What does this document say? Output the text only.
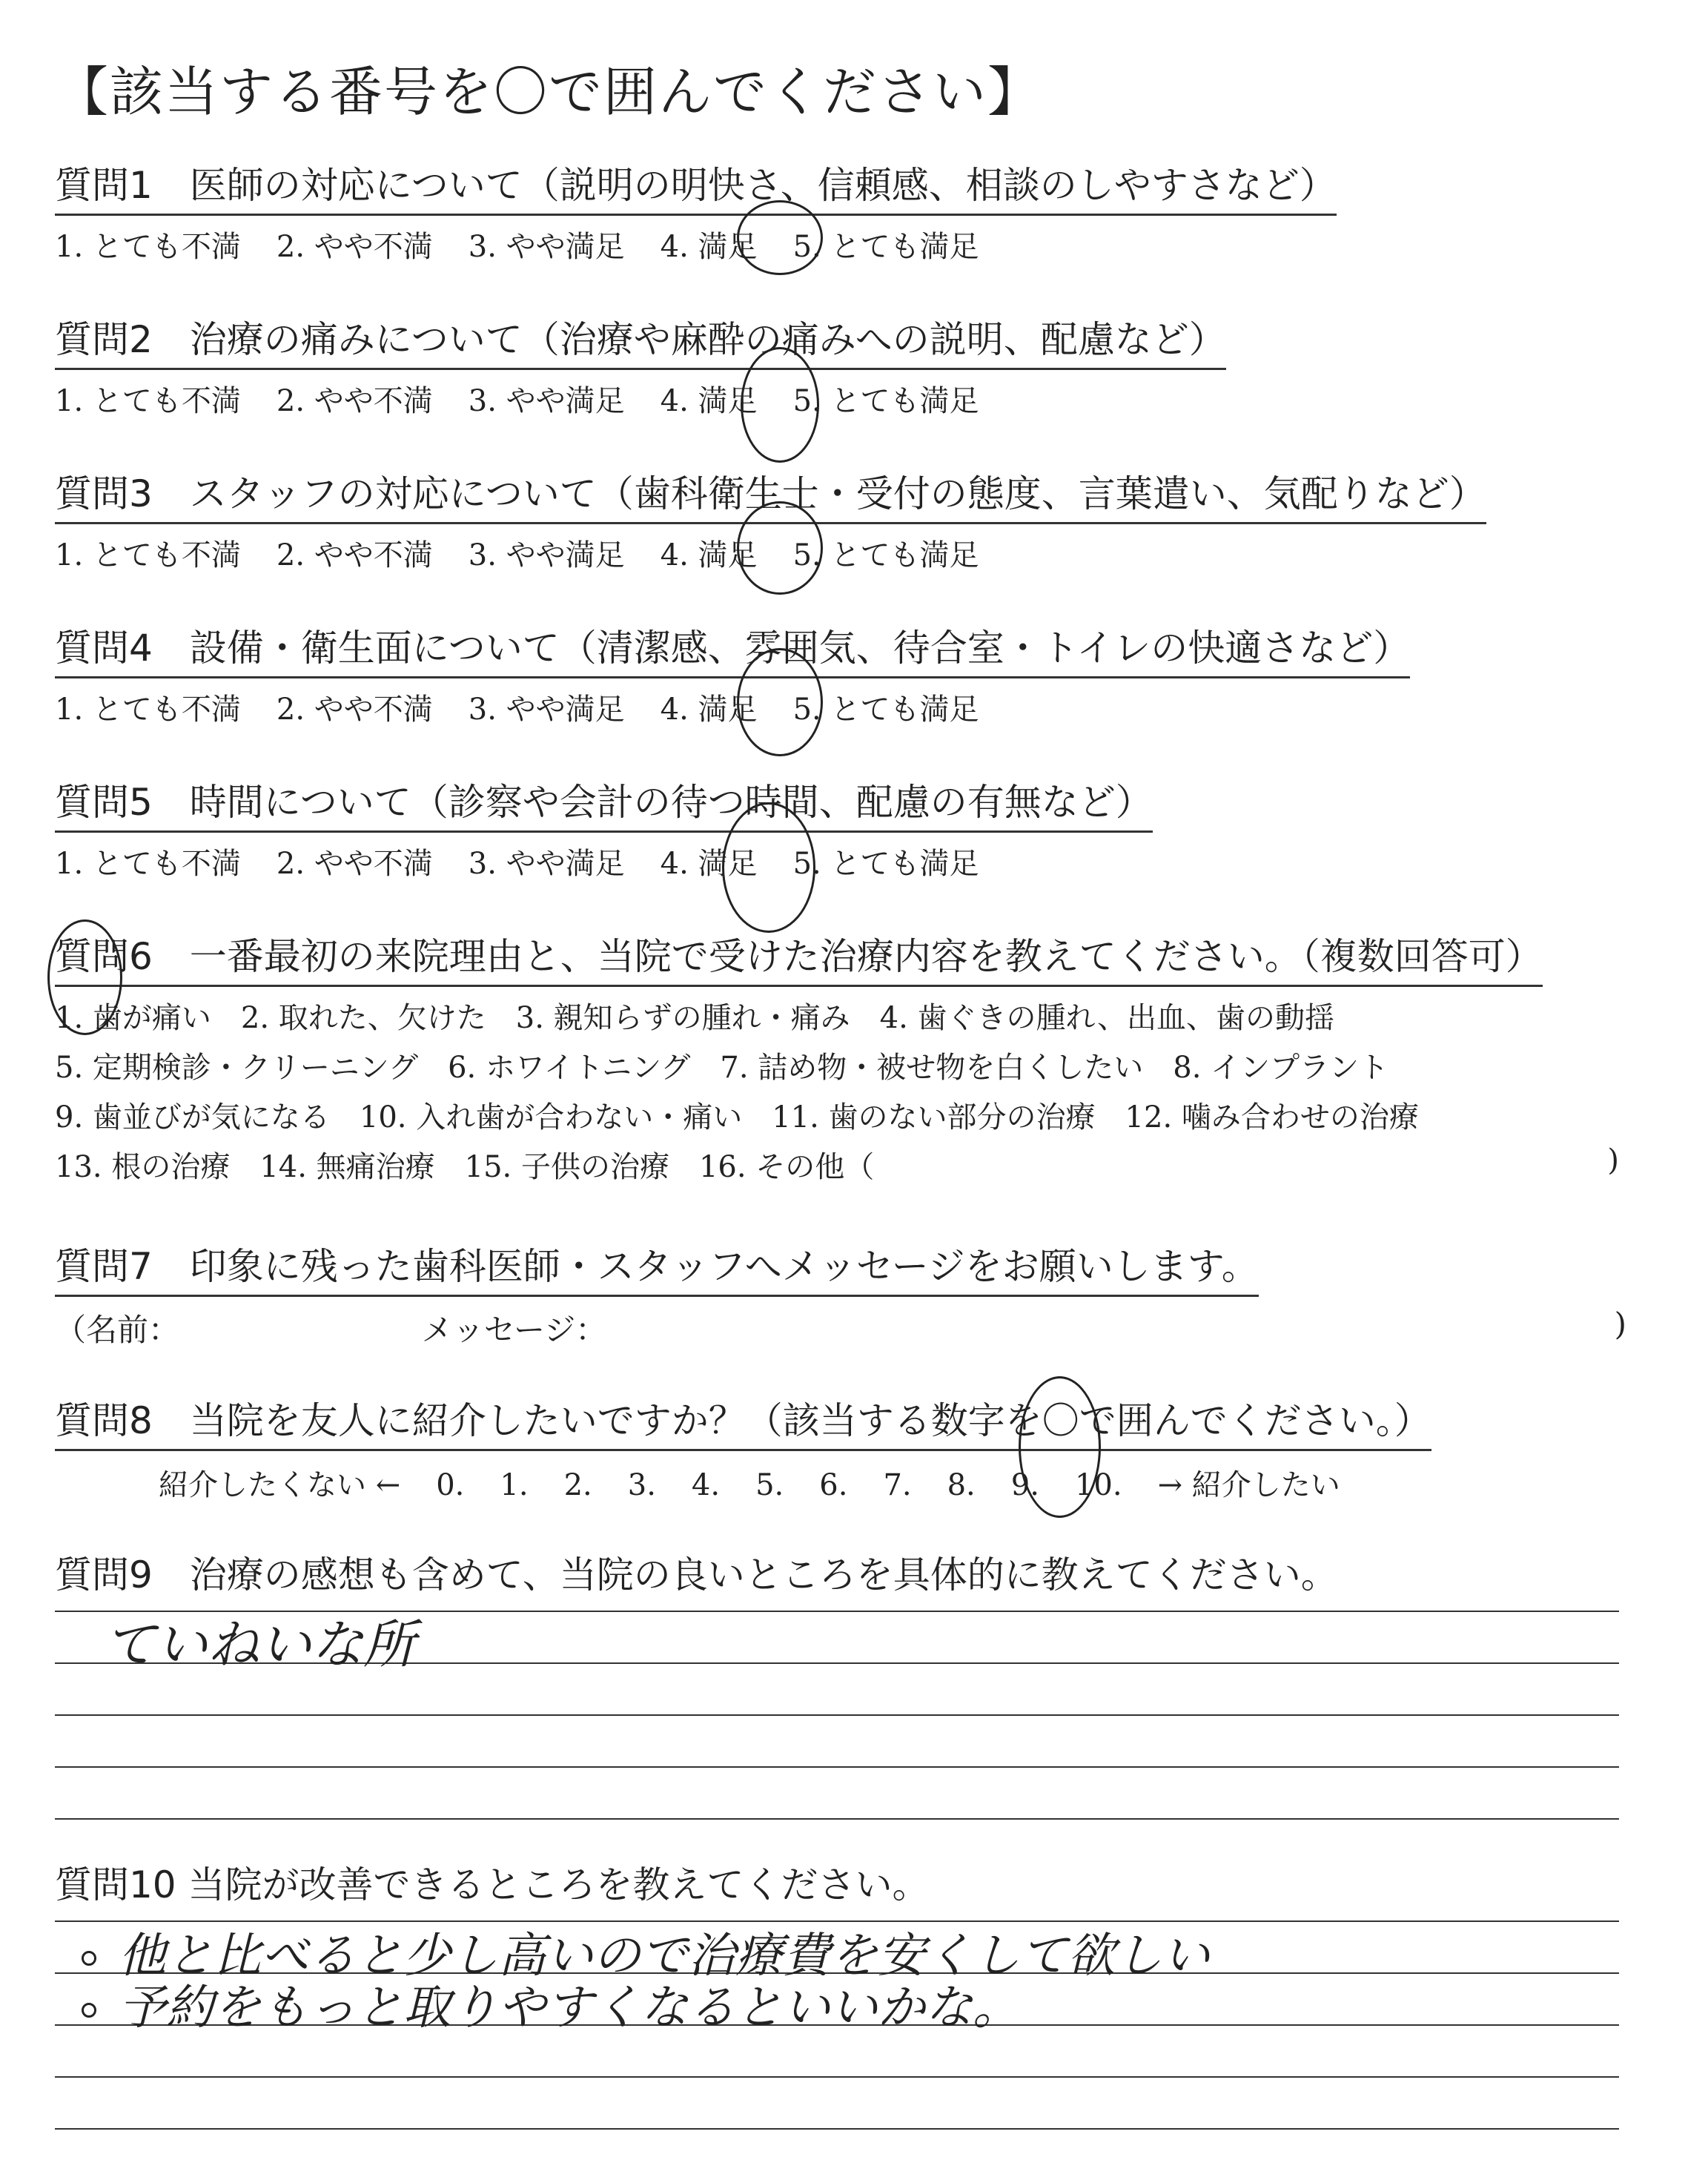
【該当する番号を〇で囲んでください】
質問1　医師の対応について（説明の明快さ、信頼感、相談のしやすさなど）
1. とても不満 2. やや不満 3. やや満足 4. 満足 5. とても満足
質問2　治療の痛みについて（治療や麻酔の痛みへの説明、配慮など）
1. とても不満 2. やや不満 3. やや満足 4. 満足 5. とても満足
質問3　スタッフの対応について（歯科衛生士・受付の態度、言葉遣い、気配りなど）
1. とても不満 2. やや不満 3. やや満足 4. 満足 5. とても満足
質問4　設備・衛生面について（清潔感、雰囲気、待合室・トイレの快適さなど）
1. とても不満 2. やや不満 3. やや満足 4. 満足 5. とても満足
質問5　時間について（診察や会計の待つ時間、配慮の有無など）
1. とても不満 2. やや不満 3. やや満足 4. 満足 5. とても満足
質問6　一番最初の来院理由と、当院で受けた治療内容を教えてください。（複数回答可）
1. 歯が痛い 2. 取れた、欠けた 3. 親知らずの腫れ・痛み 4. 歯ぐきの腫れ、出血、歯の動揺
5. 定期検診・クリーニング 6. ホワイトニング 7. 詰め物・被せ物を白くしたい 8. インプラント
9. 歯並びが気になる 10. 入れ歯が合わない・痛い 11. 歯のない部分の治療 12. 噛み合わせの治療
13. 根の治療 14. 無痛治療 15. 子供の治療 16. その他（	)
質問7　印象に残った歯科医師・スタッフへメッセージをお願いします。
（名前：	メッセージ：	)
質問8　当院を友人に紹介したいですか？（該当する数字を〇で囲んでください。）
紹介したくない ← 0. 1. 2. 3. 4. 5. 6. 7. 8. 9. 10. → 紹介したい
質問9　治療の感想も含めて、当院の良いところを具体的に教えてください。
ていねいな所
質問10 当院が改善できるところを教えてください。
他と比べると少し高いので治療費を安くして欲しい
予約をもっと取りやすくなるといいかな。
